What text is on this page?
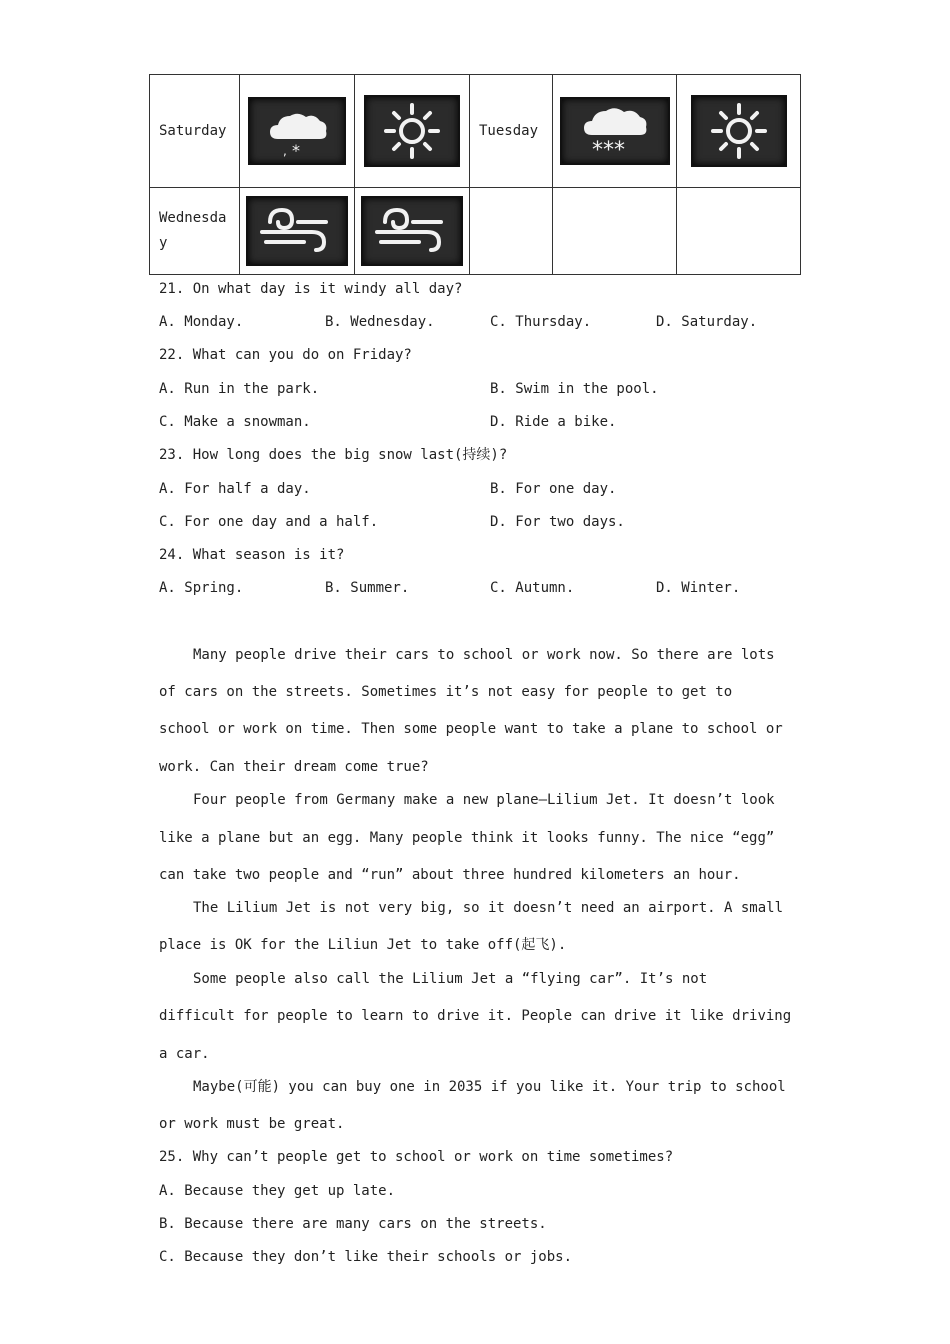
Saturday	, *		Tuesday	***

Wednesda
y

21. On what day is it windy all day?
A. Monday.	B. Wednesday.	C. Thursday.	D. Saturday.
22. What can you do on Friday?
A. Run in the park.	B. Swim in the pool.
C. Make a snowman.	D. Ride a bike.
23. How long does the big snow last(持续)?
A. For half a day.	B. For one day.
C. For one day and a half.	D. For two days.
24. What season is it?
A. Spring.	B. Summer.	C. Autumn.	D. Winter.
Many people drive their cars to school or work now. So there are lots
of cars on the streets. Sometimes it’s not easy for people to get to
school or work on time. Then some people want to take a plane to school or
work. Can their dream come true?
Four people from Germany make a new plane—Lilium Jet. It doesn’t look
like a plane but an egg. Many people think it looks funny. The nice “egg”
can take two people and “run” about three hundred kilometers an hour.
The Lilium Jet is not very big, so it doesn’t need an airport. A small
place is OK for the Liliun Jet to take off(起飞).
Some people also call the Lilium Jet a “flying car”. It’s not
difficult for people to learn to drive it. People can drive it like driving
a car.
Maybe(可能) you can buy one in 2035 if you like it. Your trip to school
or work must be great.
25. Why can’t people get to school or work on time sometimes?
A. Because they get up late.
B. Because there are many cars on the streets.
C. Because they don’t like their schools or jobs.
